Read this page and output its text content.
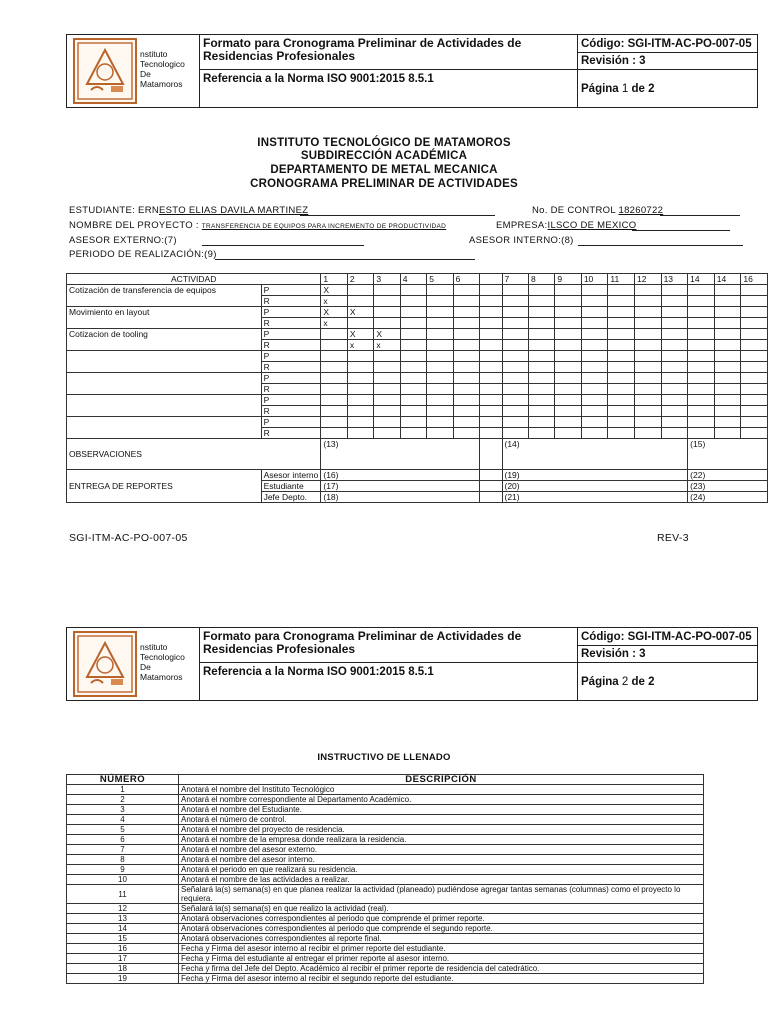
nstituto
Tecnologico
De
Matamoros
Formato para Cronograma Preliminar de Actividades de Residencias Profesionales
Referencia a la Norma ISO 9001:2015 8.5.1
Código: SGI-ITM-AC-PO-007-05
Revisión : 3
Página 1 de 2
INSTITUTO TECNOLÓGICO DE MATAMOROS
SUBDIRECCIÓN ACADÉMICA
DEPARTAMENTO DE METAL MECANICA
CRONOGRAMA PRELIMINAR DE ACTIVIDADES
ESTUDIANTE: ERNESTO ELIAS DAVILA MARTINEZ	No. DE CONTROL 18260722
NOMBRE DEL PROYECTO : TRANSFERENCIA DE EQUIPOS PARA INCREMENTO DE PRODUCTIVIDAD	EMPRESA:ILSCO DE MEXICO
ASESOR EXTERNO:(7)	ASESOR INTERNO:(8)
PERIODO DE REALIZACIÓN:(9)
ACTIVIDAD		1	2	3	4	5	6		7	8	9	10	11	12	13	14	14	16
Cotización de transferencia de equipos	P	X																
	R	x																
Movimiento en layout	P	X	X															
	R	x																
Cotizacion de tooling	P		X	X														
	R		x	x														
	P																	
	R																	
	P																	
	R																	
	P																	
	R																	
	P																	
	R																	
OBSERVACIONES		(13)							(14)							(15)		
ENTREGA DE REPORTES	Asesor interno	(16)							(19)							(22)		
	Estudiante	(17)							(20)							(23)		
	Jefe Depto.	(18)							(21)							(24)		
SGI-ITM-AC-PO-007-05	REV-3
nstituto
Tecnologico
De
Matamoros
Formato para Cronograma Preliminar de Actividades de Residencias Profesionales
Referencia a la Norma ISO 9001:2015 8.5.1
Código: SGI-ITM-AC-PO-007-05
Revisión : 3
Página 2 de 2
INSTRUCTIVO DE LLENADO
NÚMERO	DESCRIPCIÓN
1	Anotará el nombre del Instituto Tecnológico
2	Anotará el nombre correspondiente al Departamento Académico.
3	Anotará el nombre del Estudiante.
4	Anotará el número de control.
5	Anotará el nombre del proyecto de residencia.
6	Anotará el nombre de la empresa donde realizara la residencia.
7	Anotará el nombre del asesor externo.
8	Anotará el nombre del asesor interno.
9	Anotará el periodo en que realizará su residencia.
10	Anotará el nombre de las actividades a realizar.
11	Señalará la(s) semana(s) en que planea realizar la actividad (planeado) pudiéndose agregar tantas semanas (columnas) como el proyecto lo requiera.
12	Señalará la(s) semana(s) en que realizo la actividad (real).
13	Anotará observaciones correspondientes al periodo que comprende el primer reporte.
14	Anotará observaciones correspondientes al periodo que comprende el segundo reporte.
15	Anotará observaciones correspondientes al reporte final.
16	Fecha y Firma del asesor interno al recibir el primer reporte del estudiante.
17	Fecha y Firma del estudiante al entregar el primer reporte al asesor interno.
18	Fecha y firma del Jefe del Depto. Académico al recibir el primer reporte de residencia del catedrático.
19	Fecha y Firma del asesor interno al recibir el segundo reporte del estudiante.
